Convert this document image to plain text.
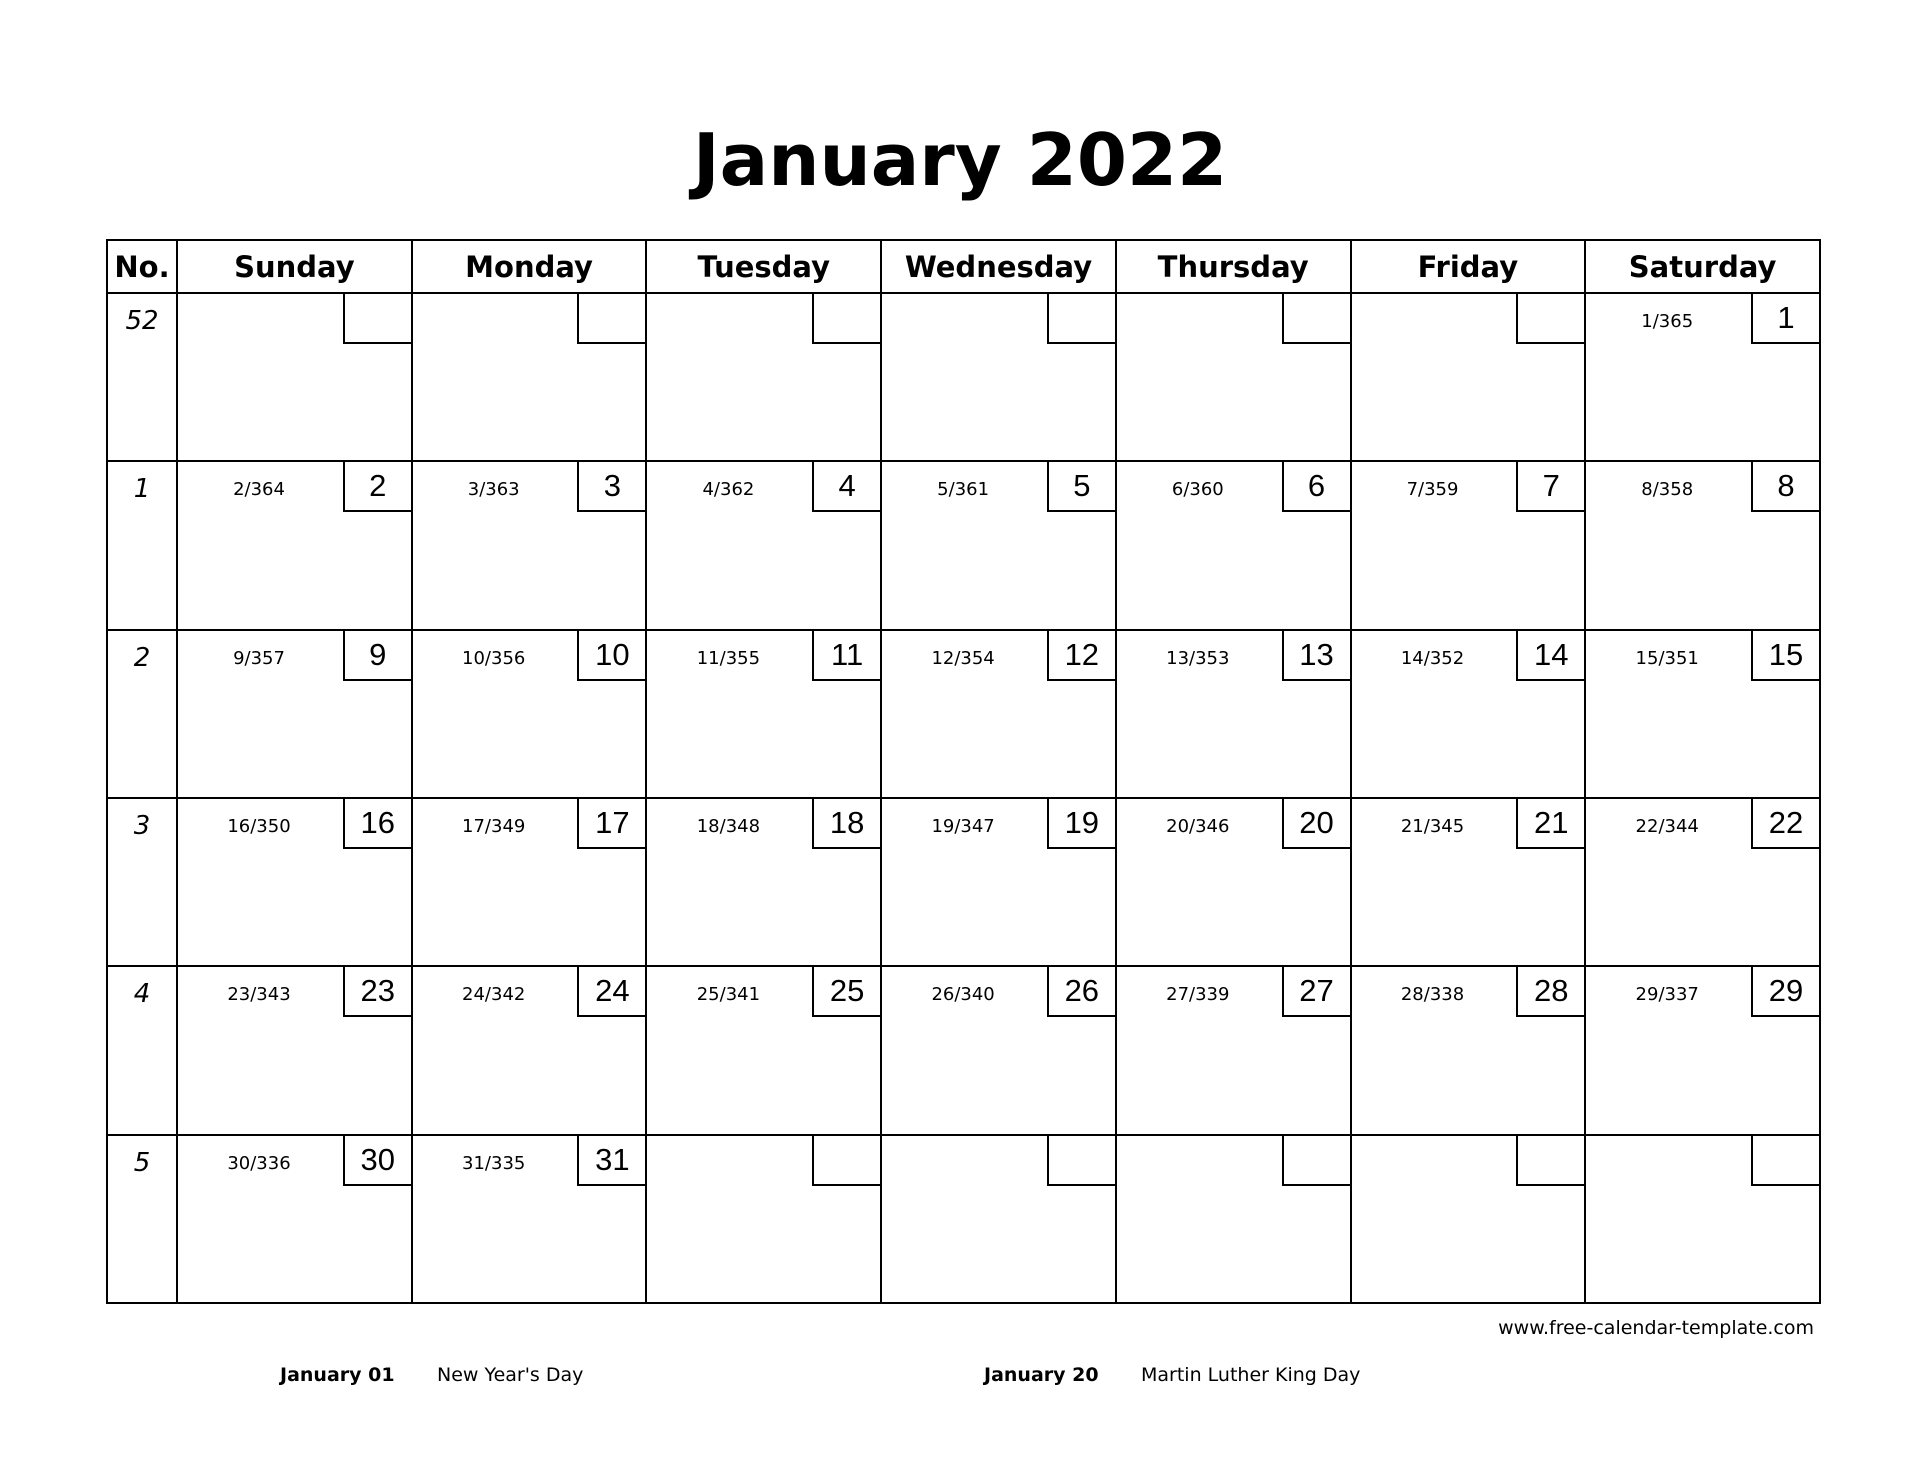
January 2022
No.	Sunday	Monday	Tuesday	Wednesday	Thursday	Friday	Saturday

52							1/365 1

1	2/364 2	3/363 3	4/362 4	5/361 5	6/360 6	7/359 7	8/358 8

2	9/357 9	10/356 10	11/355 11	12/354 12	13/353 13	14/352 14	15/351 15

3	16/350 16	17/349 17	18/348 18	19/347 19	20/346 20	21/345 21	22/344 22

4	23/343 23	24/342 24	25/341 25	26/340 26	27/339 27	28/338 28	29/337 29

5	30/336 30	31/335 31					

www.free-calendar-template.com
January 01 New Year's Day	January 20 Martin Luther King Day
